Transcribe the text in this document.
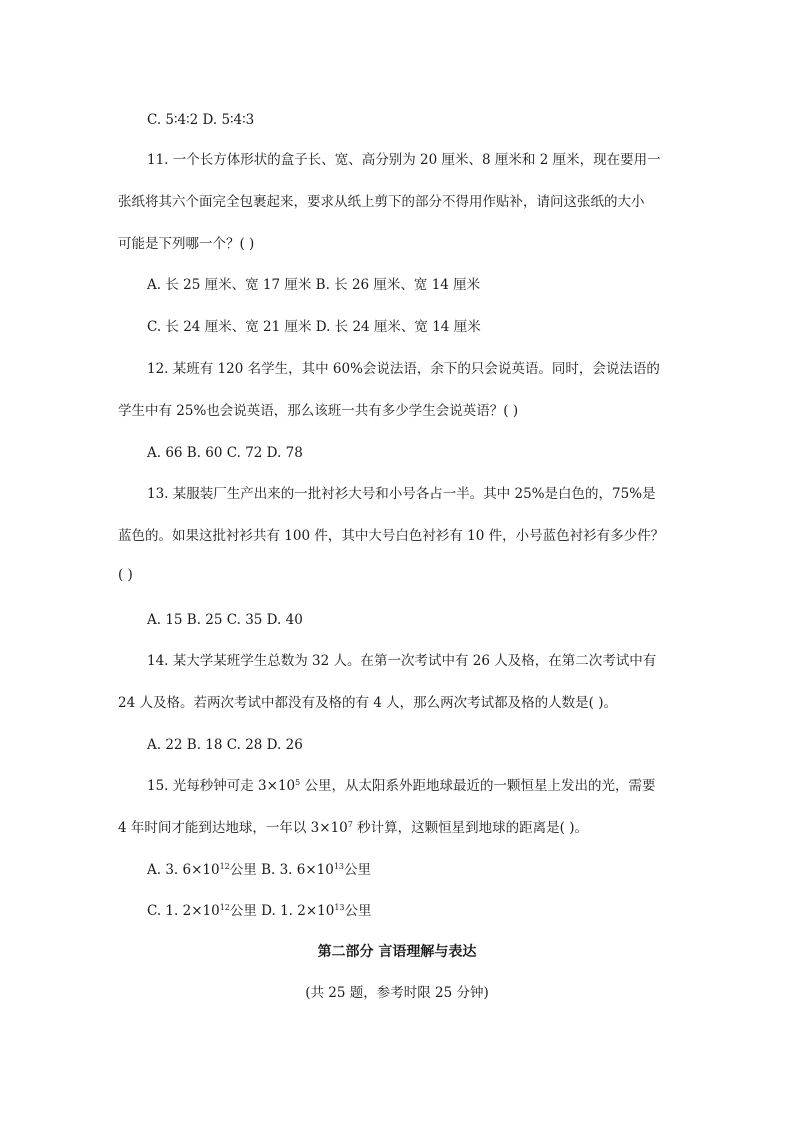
C. 5∶4∶2 D. 5∶4∶3
11. 一个长方体形状的盒子长、宽、高分别为 20 厘米、8 厘米和 2 厘米，现在要用一
张纸将其六个面完全包裹起来，要求从纸上剪下的部分不得用作贴补，请问这张纸的大小
可能是下列哪一个？( )
A. 长 25 厘米、宽 17 厘米 B. 长 26 厘米、宽 14 厘米
C. 长 24 厘米、宽 21 厘米 D. 长 24 厘米、宽 14 厘米
12. 某班有 120 名学生，其中 60%会说法语，余下的只会说英语。同时，会说法语的
学生中有 25%也会说英语，那么该班一共有多少学生会说英语？( )
A. 66 B. 60 C. 72 D. 78
13. 某服装厂生产出来的一批衬衫大号和小号各占一半。其中 25%是白色的，75%是
蓝色的。如果这批衬衫共有 100 件，其中大号白色衬衫有 10 件，小号蓝色衬衫有多少件？
( )
A. 15 B. 25 C. 35 D. 40
14. 某大学某班学生总数为 32 人。在第一次考试中有 26 人及格，在第二次考试中有
24 人及格。若两次考试中都没有及格的有 4 人，那么两次考试都及格的人数是( )。
A. 22 B. 18 C. 28 D. 26
15. 光每秒钟可走 $3\times 10^5$ 公里，从太阳系外距地球最近的一颗恒星上发出的光，需要
4 年时间才能到达地球，一年以 $3\times 10^7$ 秒计算，这颗恒星到地球的距离是( )。
A. 3. $6\times 10^{12}$公里 B. 3. $6\times 10^{13}$公里
C. 1. $2\times 10^{12}$公里 D. 1. $2\times 10^{13}$公里
第二部分 言语理解与表达
(共 25 题，参考时限 25 分钟)
